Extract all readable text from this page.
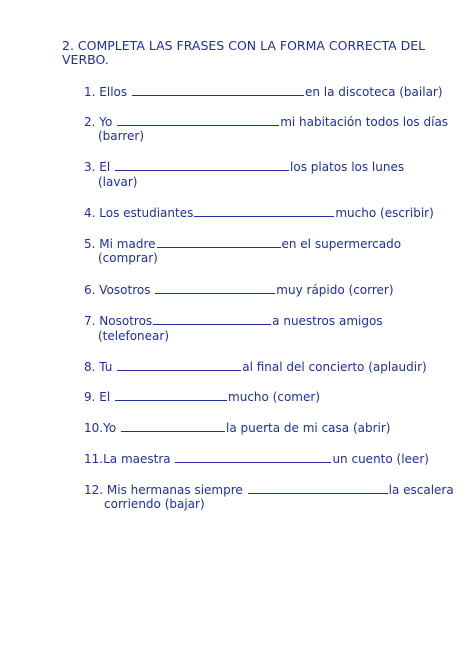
2. COMPLETA LAS FRASES CON LA FORMA CORRECTA DEL
VERBO.
1. Ellos	en la discoteca (bailar)
2. Yo	mi habitación todos los días
(barrer)
3. El	los platos los lunes
(lavar)
4. Los estudiantes	mucho (escribir)
5. Mi madre	en el supermercado
(comprar)
6. Vosotros	muy rápido (correr)
7. Nosotros	a nuestros amigos
(telefonear)
8. Tu	al final del concierto (aplaudir)
9. El	mucho (comer)
10.Yo	la puerta de mi casa (abrir)
11.La maestra	un cuento (leer)
12. Mis hermanas siempre	la escalera
corriendo (bajar)
